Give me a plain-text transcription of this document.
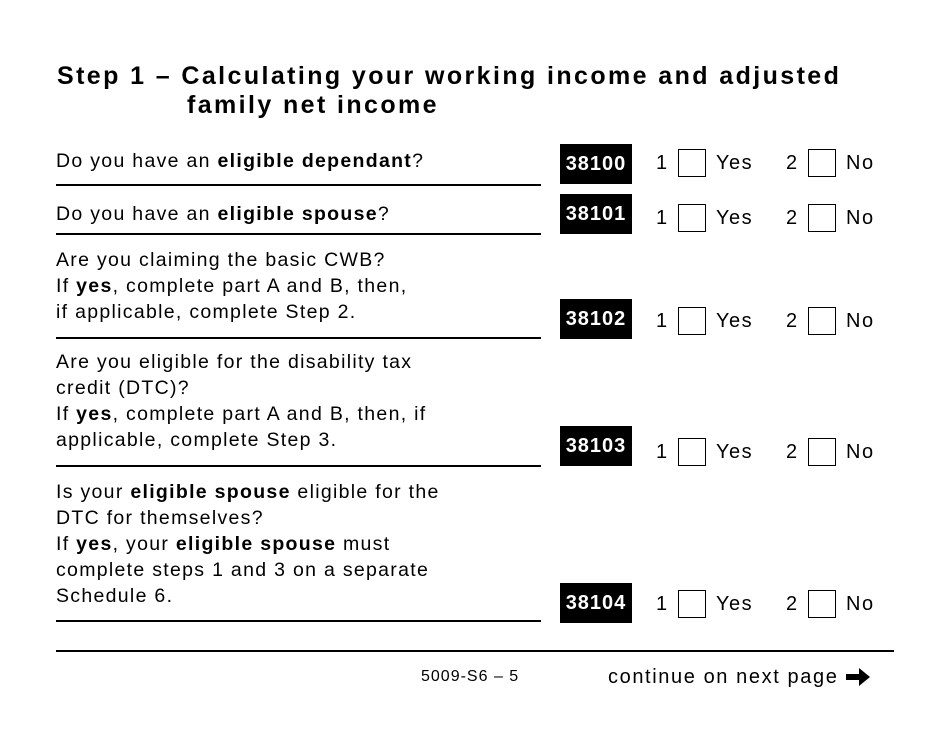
Step 1 – Calculating your working income and adjusted
family net income
Do you have an eligible dependant?	38100 1	Yes 2	No
Do you have an eligible spouse?	38101 1	Yes 2	No
Are you claiming the basic CWB?
If yes, complete part A and B, then,
if applicable, complete Step 2.	38102 1	Yes 2	No
Are you eligible for the disability tax
credit (DTC)?
If yes, complete part A and B, then, if
applicable, complete Step 3.	38103 1	Yes 2	No
Is your eligible spouse eligible for the
DTC for themselves?
If yes, your eligible spouse must
complete steps 1 and 3 on a separate
Schedule 6.	38104 1	Yes 2	No
5009-S6 – 5	continue on next page
